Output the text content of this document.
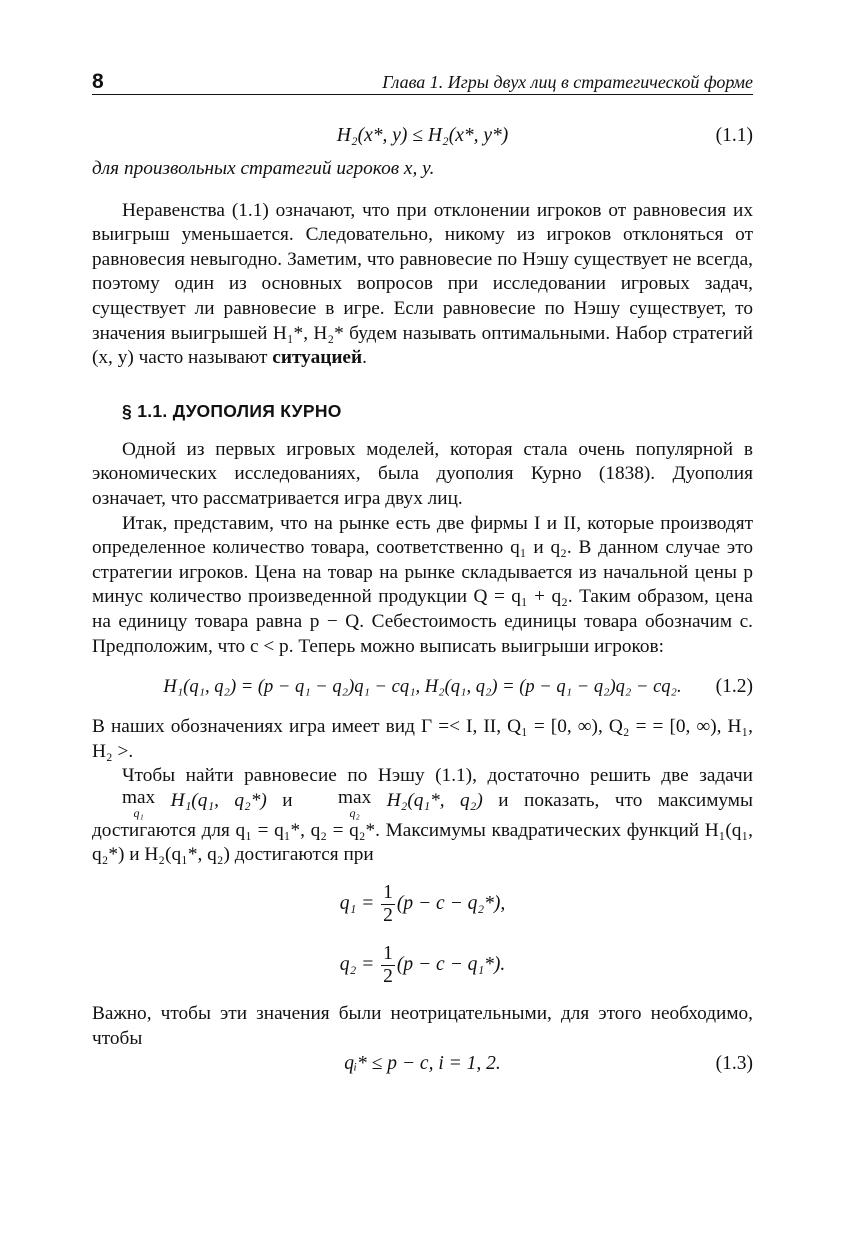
8	Глава 1. Игры двух лиц в стратегической форме
H₂(x*, y) ≤ H₂(x*, y*)	(1.1)

для произвольных стратегий игроков x, y.

Неравенства (1.1) означают, что при отклонении игроков от равновесия их выигрыш уменьшается. Следовательно, никому из игроков отклоняться от равновесия невыгодно. Заметим, что равновесие по Нэшу существует не всегда, поэтому один из основных вопросов при исследовании игровых задач, существует ли равновесие в игре. Если равновесие по Нэшу существует, то значения выигрышей H₁*, H₂* будем называть оптимальными. Набор стратегий (x, y) часто называют ситуацией.

§ 1.1. ДУОПОЛИЯ КУРНО

Одной из первых игровых моделей, которая стала очень популярной в экономических исследованиях, была дуополия Курно (1838). Дуополия означает, что рассматривается игра двух лиц.

Итак, представим, что на рынке есть две фирмы I и II, которые производят определенное количество товара, соответственно q₁ и q₂. В данном случае это стратегии игроков. Цена на товар на рынке складывается из начальной цены p минус количество произведенной продукции Q = q₁ + q₂. Таким образом, цена на единицу товара равна p − Q. Себестоимость единицы товара обозначим c. Предположим, что c < p. Теперь можно выписать выигрыши игроков:

H₁(q₁, q₂) = (p − q₁ − q₂)q₁ − cq₁, H₂(q₁, q₂) = (p − q₁ − q₂)q₂ − cq₂. (1.2)

В наших обозначениях игра имеет вид Γ =< I, II, Q₁ = [0, ∞), Q₂ = = [0, ∞), H₁, H₂ >.

Чтобы найти равновесие по Нэшу (1.1), достаточно решить две задачи max
q₁
H₁(q₁, q₂*) и max
q₂
H₂(q₁*, q₂) и показать, что максимумы достигаются для q₁ = q₁*, q₂ = q₂*. Максимумы квадратических функций H₁(q₁, q₂*) и H₂(q₁*, q₂) достигаются при

$q_1 = \frac{1}{2} (p - c - q_2*)$,
$q_2 = \frac{1}{2} (p - c - q_1*)$.

Важно, чтобы эти значения были неотрицательными, для этого необходимо, чтобы

qᵢ* ≤ p − c, i = 1, 2.	(1.3)
